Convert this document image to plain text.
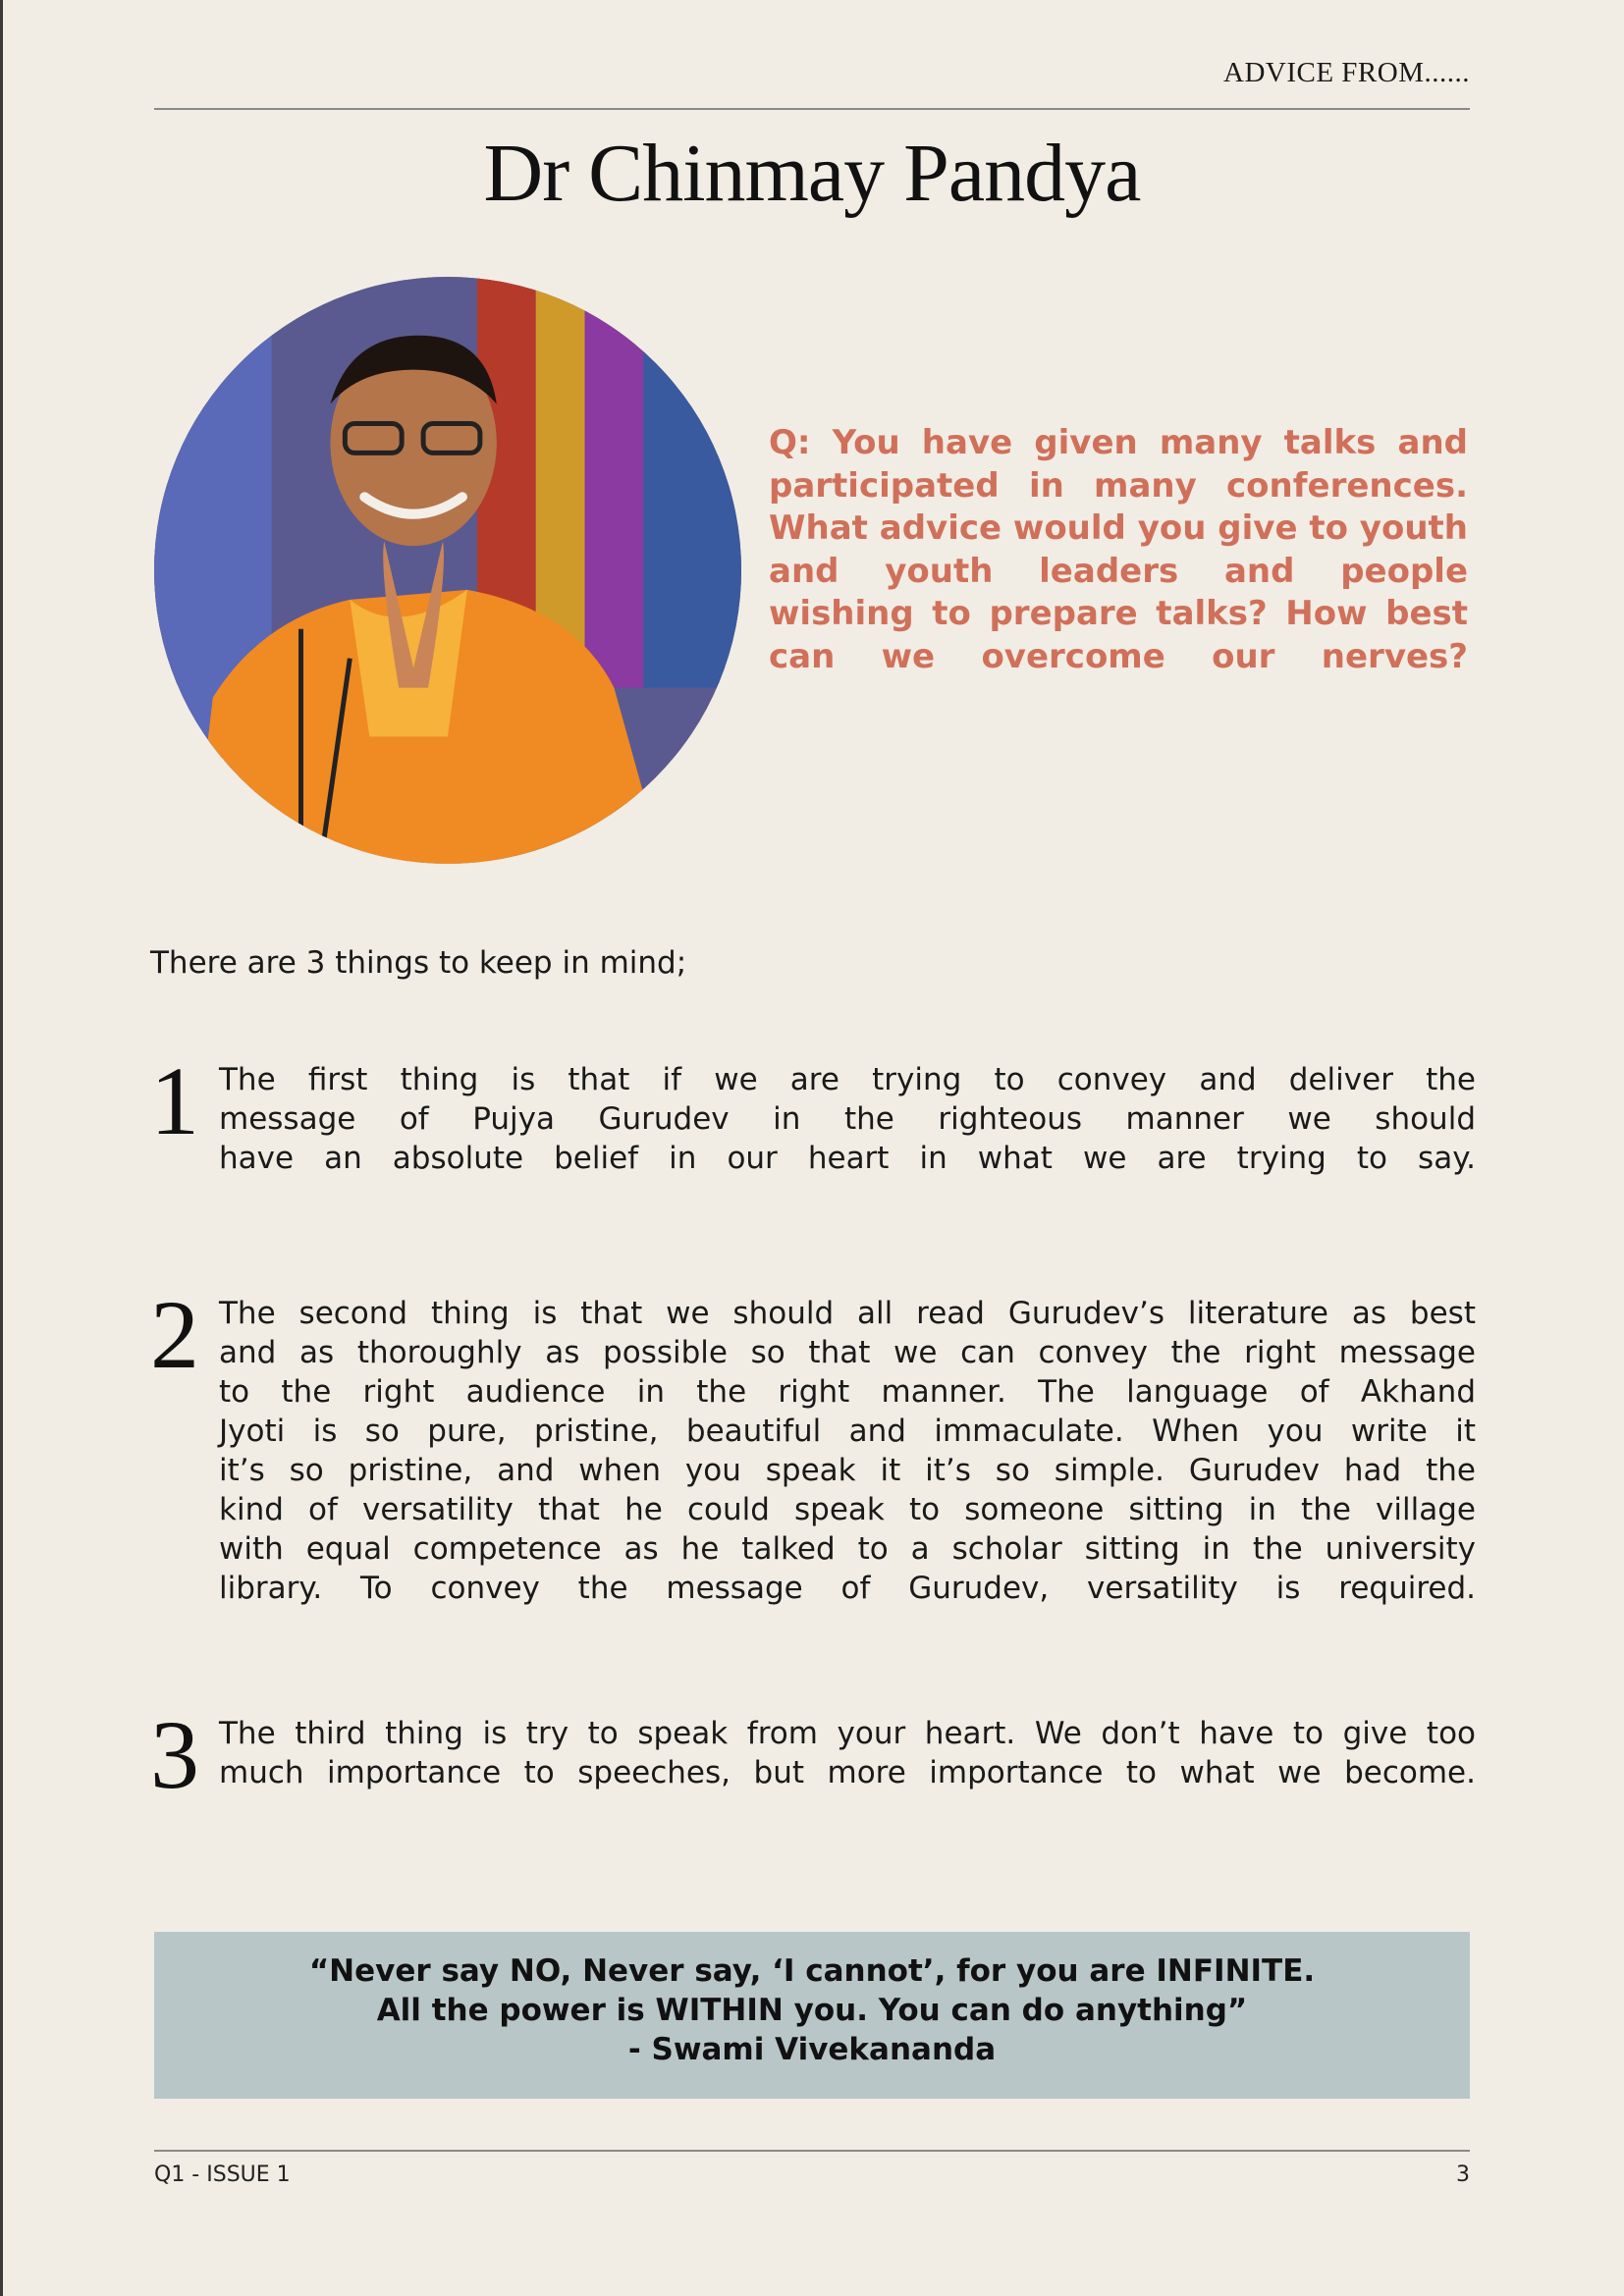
ADVICE FROM......
Dr Chinmay Pandya
Q: You have given many talks and participated in many conferences. What advice would you give to youth and youth leaders and people wishing to prepare talks? How best can we overcome our nerves?
There are 3 things to keep in mind;
1 The first thing is that if we are trying to convey and deliver the
message of Pujya Gurudev in the righteous manner we should
have an absolute belief in our heart in what we are trying to say.
2 The second thing is that we should all read Gurudev’s literature as best
and as thoroughly as possible so that we can convey the right message
to the right audience in the right manner. The language of Akhand
Jyoti is so pure, pristine, beautiful and immaculate. When you write it
it’s so pristine, and when you speak it it’s so simple. Gurudev had the
kind of versatility that he could speak to someone sitting in the village
with equal competence as he talked to a scholar sitting in the university
library. To convey the message of Gurudev, versatility is required.
3 The third thing is try to speak from your heart. We don’t have to give too
much importance to speeches, but more importance to what we become.
“Never say NO, Never say, ‘I cannot’, for you are INFINITE.
All the power is WITHIN you. You can do anything”
- Swami Vivekananda
Q1 - ISSUE 1	3
